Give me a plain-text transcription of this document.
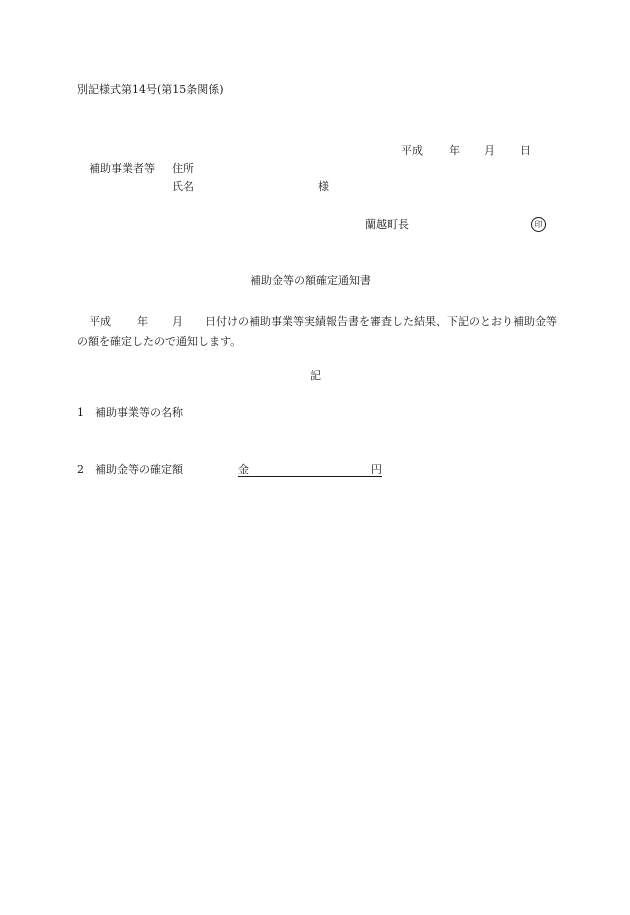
別記様式第14号(第15条関係)
平成 年 月 日
補助事業者等 住所
氏名	様
蘭越町長	印
補助金等の額確定通知書
平成 年 月 日付けの補助事業等実績報告書を審査した結果、下記のとおり補助金等の額を確定したので通知します。
記
1 補助事業等の名称
2 補助金等の確定額	金	円
